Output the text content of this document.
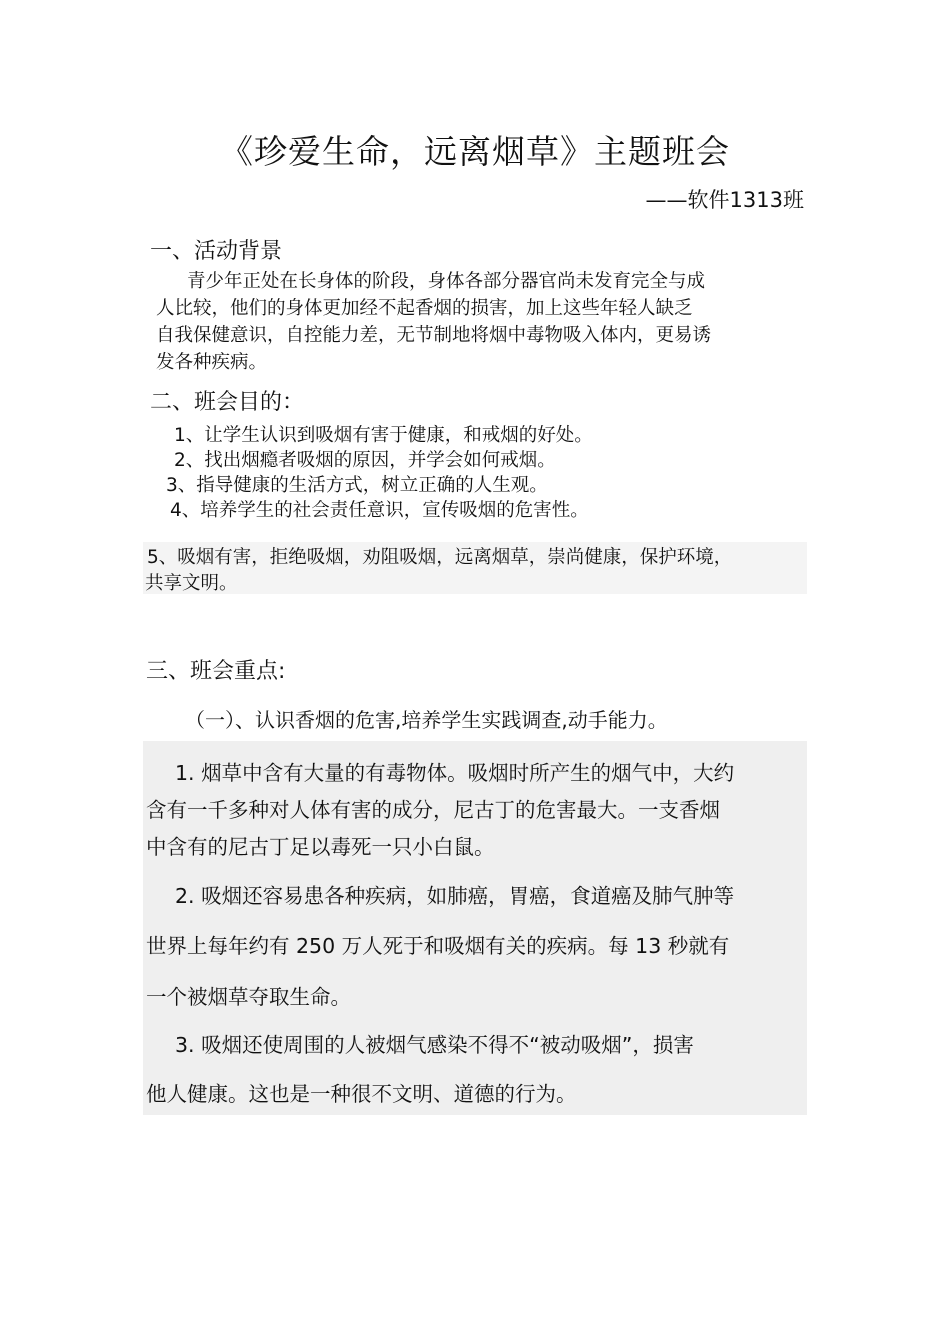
《珍爱生命，远离烟草》主题班会
——软件1313班
一、活动背景
青少年正处在长身体的阶段，身体各部分器官尚未发育完全与成
人比较，他们的身体更加经不起香烟的损害，加上这些年轻人缺乏
自我保健意识，自控能力差，无节制地将烟中毒物吸入体内，更易诱
发各种疾病。
二、班会目的：
1、让学生认识到吸烟有害于健康，和戒烟的好处。
2、找出烟瘾者吸烟的原因，并学会如何戒烟。
3、指导健康的生活方式，树立正确的人生观。
4、培养学生的社会责任意识，宣传吸烟的危害性。
5、吸烟有害，拒绝吸烟，劝阻吸烟，远离烟草，崇尚健康，保护环境，
共享文明。
三、班会重点:
（一）、认识香烟的危害,培养学生实践调查,动手能力。
1. 烟草中含有大量的有毒物体。吸烟时所产生的烟气中，大约
含有一千多种对人体有害的成分，尼古丁的危害最大。一支香烟
中含有的尼古丁足以毒死一只小白鼠。
2. 吸烟还容易患各种疾病，如肺癌，胃癌，食道癌及肺气肿等
世界上每年约有 250 万人死于和吸烟有关的疾病。每 13 秒就有
一个被烟草夺取生命。
3. 吸烟还使周围的人被烟气感染不得不“被动吸烟”，损害
他人健康。这也是一种很不文明、道德的行为。
